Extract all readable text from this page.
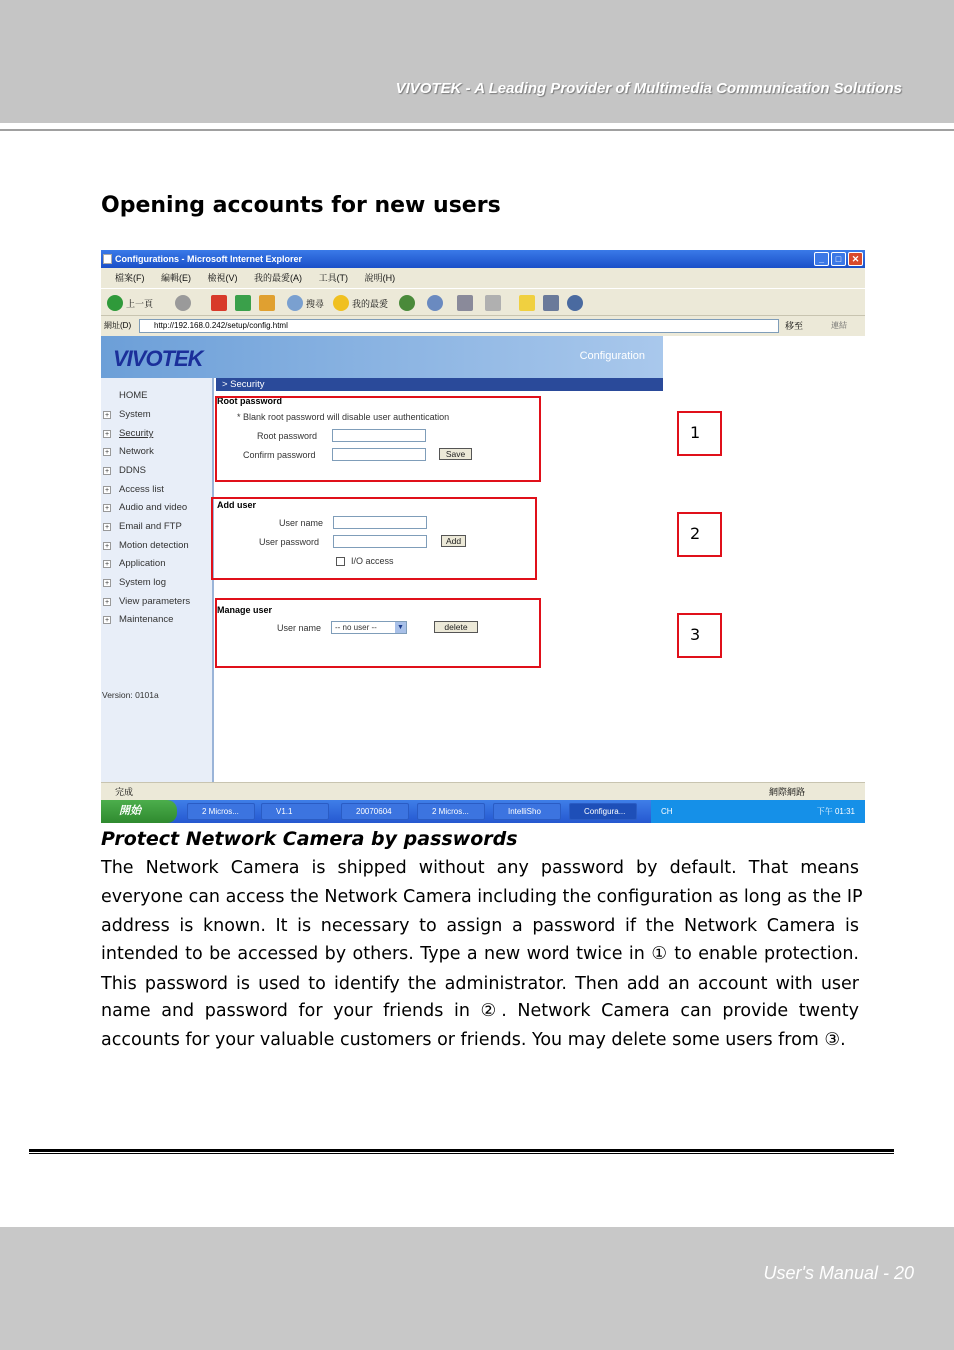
VIVOTEK - A Leading Provider of Multimedia Communication Solutions
Opening accounts for new users
Configurations - Microsoft Internet Explorer	_	□	✕
檔案(F) 編輯(E) 檢視(V) 我的最愛(A) 工具(T) 說明(H)
上一頁	搜尋	我的最愛
網址(D)	http://192.168.0.242/setup/config.html	移至	連結
VIVOTEK	Configuration
HOME
+ System
+ Security
+ Network
+ DDNS
+ Access list
+ Audio and video
+ Email and FTP
+ Motion detection
+ Application
+ System log
+ View parameters
+ Maintenance
Version: 0101a
> Security
Root password
* Blank root password will disable user authentication
Root password
Confirm password	Save
Add user
User name
User password	Add
I/O access
Manage user
User name	-- no user --	▼	delete
1
2
3
完成	網際網路
開始	2 Micros...	V1.1	20070604	2 Micros...	IntelliSho	Configura...	CH	下午 01:31
Protect Network Camera by passwords

The Network Camera is shipped without any password by default. That means

everyone can access the Network Camera including the configuration as long as the IP

address is known. It is necessary to assign a password if the Network Camera is

intended to be accessed by others. Type a new word twice in ① to enable protection.

This password is used to identify the administrator. Then add an account with user

name and password for your friends in ②. Network Camera can provide twenty

accounts for your valuable customers or friends. You may delete some users from ③.

User's Manual - 20
